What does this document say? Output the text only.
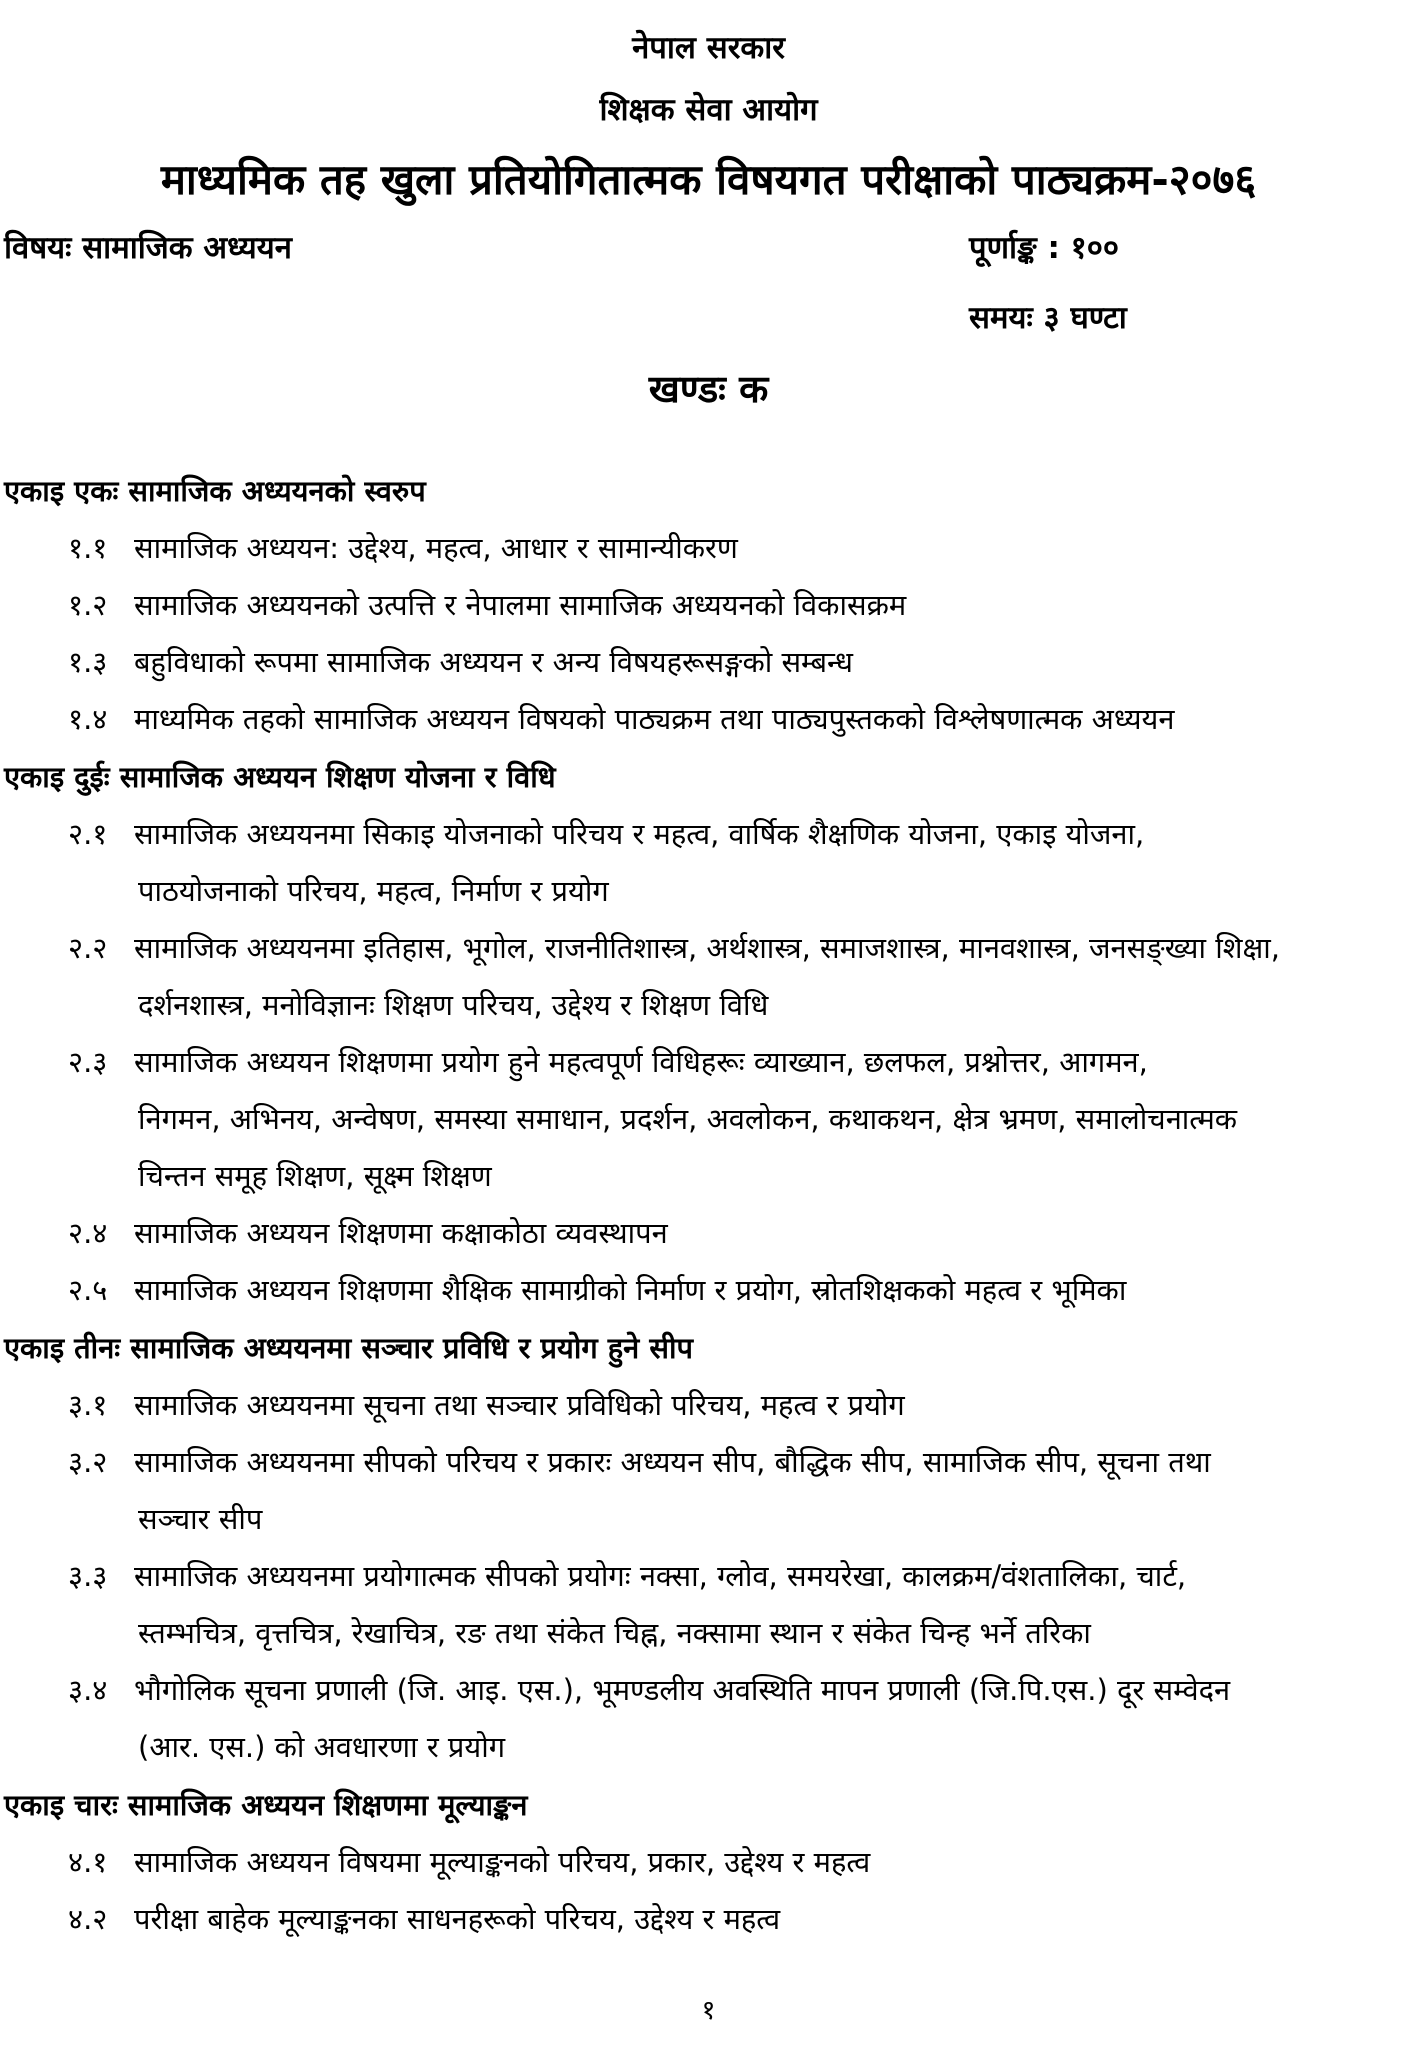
नेपाल सरकार
शिक्षक सेवा आयोग
माध्यमिक तह खुला प्रतियोगितात्मक विषयगत परीक्षाको पाठ्यक्रम-२०७६
विषयः सामाजिक अध्ययन	पूर्णाङ्क : १००
समयः ३ घण्टा
खण्डः क
एकाइ एकः सामाजिक अध्ययनको स्वरुप
१.१ सामाजिक अध्ययन: उद्देश्य, महत्व, आधार र सामान्यीकरण
१.२ सामाजिक अध्ययनको उत्पत्ति र नेपालमा सामाजिक अध्ययनको विकासक्रम
१.३ बहुविधाको रूपमा सामाजिक अध्ययन र अन्य विषयहरूसङ्गको सम्बन्ध
१.४ माध्यमिक तहको सामाजिक अध्ययन विषयको पाठ्यक्रम तथा पाठ्यपुस्तकको विश्लेषणात्मक अध्ययन
एकाइ दुईः सामाजिक अध्ययन शिक्षण योजना र विधि
२.१ सामाजिक अध्ययनमा सिकाइ योजनाको परिचय र महत्व, वार्षिक शैक्षणिक योजना, एकाइ योजना,
पाठयोजनाको परिचय, महत्व, निर्माण र प्रयोग
२.२ सामाजिक अध्ययनमा इतिहास, भूगोल, राजनीतिशास्त्र, अर्थशास्त्र, समाजशास्त्र, मानवशास्त्र, जनसङ्ख्या शिक्षा,
दर्शनशास्त्र, मनोविज्ञानः शिक्षण परिचय, उद्देश्य र शिक्षण विधि
२.३ सामाजिक अध्ययन शिक्षणमा प्रयोग हुने महत्वपूर्ण विधिहरूः व्याख्यान, छलफल, प्रश्नोत्तर, आगमन,
निगमन, अभिनय, अन्वेषण, समस्या समाधान, प्रदर्शन, अवलोकन, कथाकथन, क्षेत्र भ्रमण, समालोचनात्मक
चिन्तन समूह शिक्षण, सूक्ष्म शिक्षण
२.४ सामाजिक अध्ययन शिक्षणमा कक्षाकोठा व्यवस्थापन
२.५ सामाजिक अध्ययन शिक्षणमा शैक्षिक सामाग्रीको निर्माण र प्रयोग, स्रोतशिक्षकको महत्व र भूमिका
एकाइ तीनः सामाजिक अध्ययनमा सञ्चार प्रविधि र प्रयोग हुने सीप
३.१ सामाजिक अध्ययनमा सूचना तथा सञ्चार प्रविधिको परिचय, महत्व र प्रयोग
३.२ सामाजिक अध्ययनमा सीपको परिचय र प्रकारः अध्ययन सीप, बौद्धिक सीप, सामाजिक सीप, सूचना तथा
सञ्चार सीप
३.३ सामाजिक अध्ययनमा प्रयोगात्मक सीपको प्रयोगः नक्सा, ग्लोव, समयरेखा, कालक्रम/वंशतालिका, चार्ट,
स्तम्भचित्र, वृत्तचित्र, रेखाचित्र, रङ तथा संकेत चिह्न, नक्सामा स्थान र संकेत चिन्ह भर्ने तरिका
३.४ भौगोलिक सूचना प्रणाली (जि. आइ. एस.), भूमण्डलीय अवस्थिति मापन प्रणाली (जि.पि.एस.) दूर सम्वेदन
(आर. एस.) को अवधारणा र प्रयोग
एकाइ चारः सामाजिक अध्ययन शिक्षणमा मूल्याङ्कन
४.१ सामाजिक अध्ययन विषयमा मूल्याङ्कनको परिचय, प्रकार, उद्देश्य र महत्व
४.२ परीक्षा बाहेक मूल्याङ्कनका साधनहरूको परिचय, उद्देश्य र महत्व
१
